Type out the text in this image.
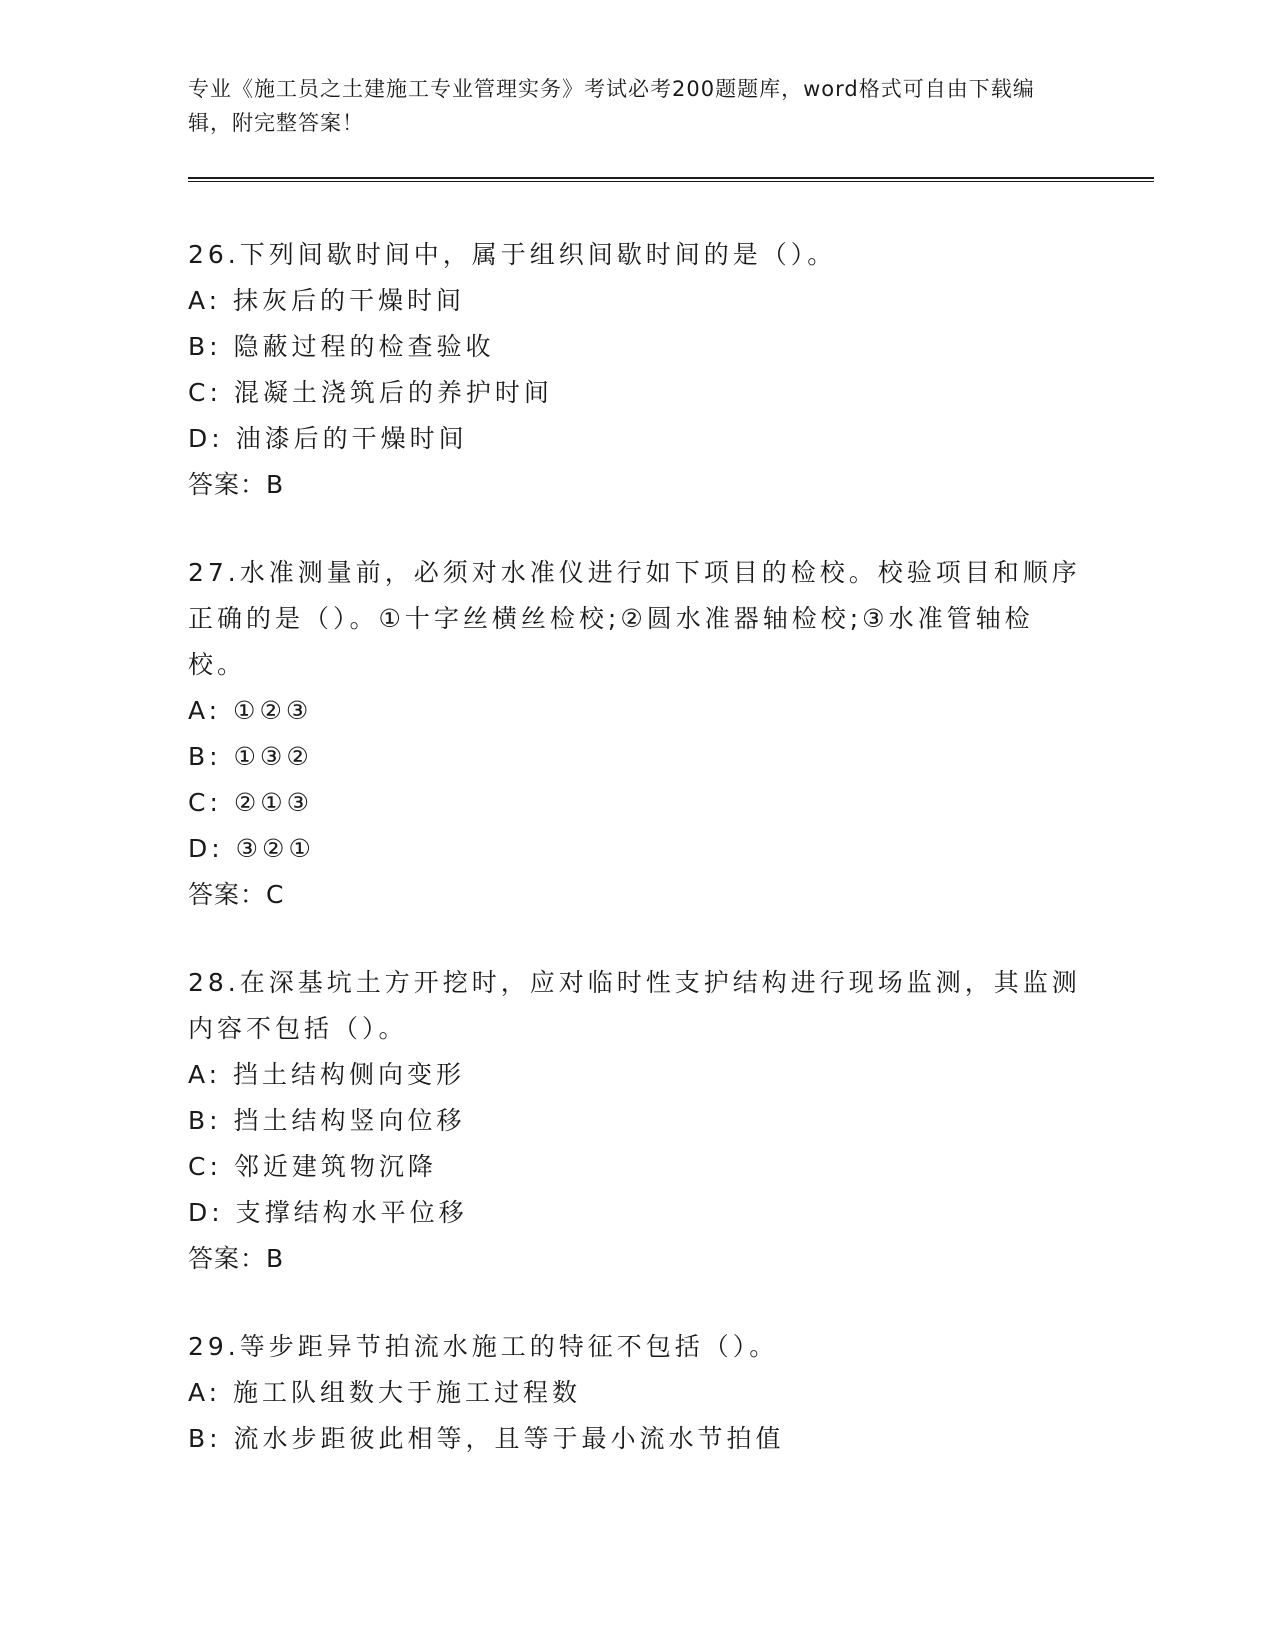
专业《施工员之土建施工专业管理实务》考试必考200题题库，word格式可自由下载编辑，附完整答案！
26.下列间歇时间中，属于组织间歇时间的是（）。
A: 抹灰后的干燥时间
B: 隐蔽过程的检查验收
C: 混凝土浇筑后的养护时间
D: 油漆后的干燥时间
答案：B
27.水准测量前，必须对水准仪进行如下项目的检校。校验项目和顺序正确的是（）。①十字丝横丝检校;②圆水准器轴检校;③水准管轴检校。
A: ①②③
B: ①③②
C: ②①③
D: ③②①
答案：C
28.在深基坑土方开挖时，应对临时性支护结构进行现场监测，其监测内容不包括（）。
A: 挡土结构侧向变形
B: 挡土结构竖向位移
C: 邻近建筑物沉降
D: 支撑结构水平位移
答案：B
29.等步距异节拍流水施工的特征不包括（）。
A: 施工队组数大于施工过程数
B: 流水步距彼此相等，且等于最小流水节拍值
